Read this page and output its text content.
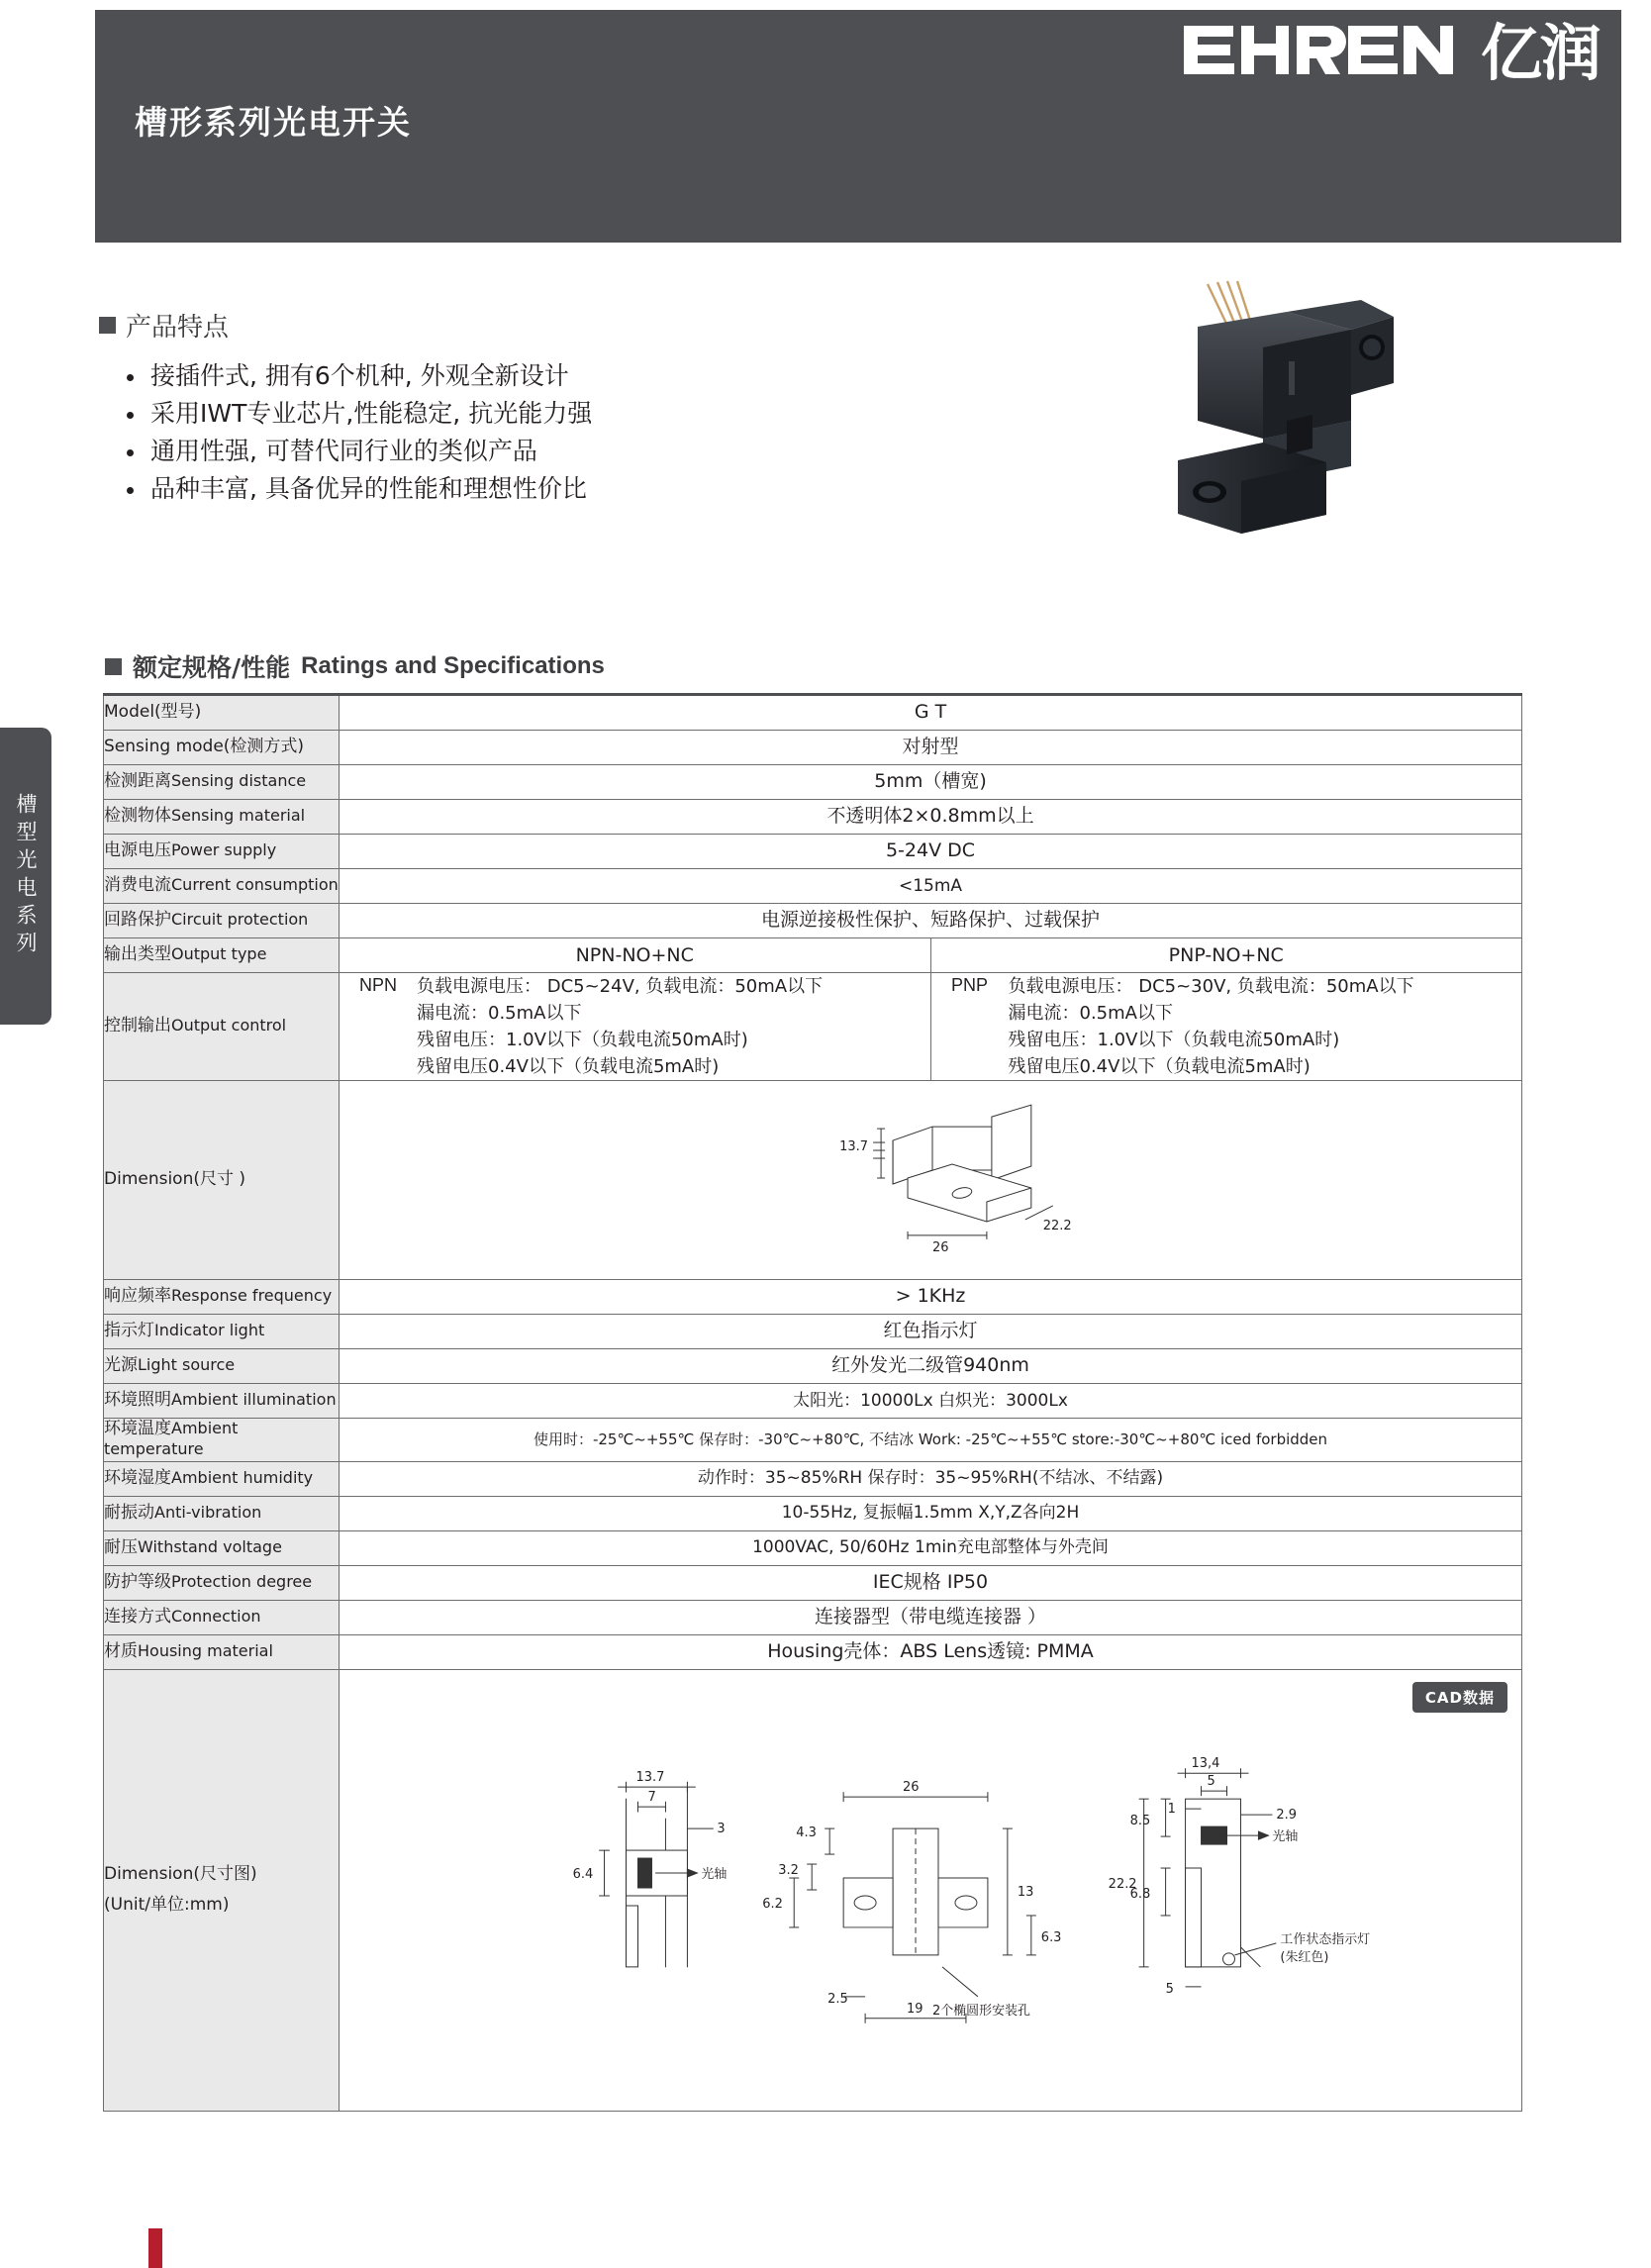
槽形系列光电开关
亿润
槽型光电系列
产品特点
接插件式, 拥有6个机种, 外观全新设计
采用IWT专业芯片,性能稳定, 抗光能力强
通用性强, 可替代同行业的类似产品
品种丰富, 具备优异的性能和理想性价比
额定规格/性能 Ratings and Specifications
Model(型号)	G T	
Sensing mode(检测方式)	对射型	
检测距离Sensing distance	5mm（槽宽)	
检测物体Sensing material	不透明体2×0.8mm以上	
电源电压Power supply	5-24V DC	
消费电流Current consumption	<15mA	
回路保护Circuit protection	电源逆接极性保护、短路保护、过载保护	
输出类型Output type	NPN-NO+NC	PNP-NO+NC
控制输出Output control	
NPN	负载电源电压： DC5~24V, 负载电流：50mA以下
漏电流：0.5mA以下
残留电压：1.0V以下（负载电流50mA时)
残留电压0.4V以下（负载电流5mA时)

PNP	负载电源电压： DC5~30V, 负载电流：50mA以下
漏电流：0.5mA以下
残留电压：1.0V以下（负载电流50mA时)
残留电压0.4V以下（负载电流5mA时)

Dimension(尺寸 )	13.7
26
22.2	

响应频率Response frequency	> 1KHz	
指示灯Indicator light	红色指示灯	
光源Light source	红外发光二级管940nm	
环境照明Ambient illumination	太阳光：10000Lx 白炽光：3000Lx	
环境温度Ambient temperature	使用时：-25℃~+55℃ 保存时：-30℃~+80℃, 不结冰 Work: -25℃~+55℃ store:-30℃~+80℃ iced forbidden	
环境湿度Ambient humidity	动作时：35~85%RH 保存时：35~95%RH(不结冰、不结露)	
耐振动Anti-vibration	10-55Hz, 复振幅1.5mm X,Y,Z各向2H	
耐压Withstand voltage	1000VAC, 50/60Hz 1min充电部整体与外壳间	
防护等级Protection degree	IEC规格 IP50	
连接方式Connection	连接器型（带电缆连接器 ）	
材质Housing material	Housing壳体：ABS Lens透镜: PMMA	

Dimension(尺寸图)
(Unit/单位:mm)

CAD数据
13.7
7
3
6.4	光轴
26
4.3
3.2
6.2
13
6.3
2.5
19 2个椭圆形安装孔
13,4
5
1	2.9
8.5
22.2
6.8
5
光轴
工作状态指示灯
(朱红色)
